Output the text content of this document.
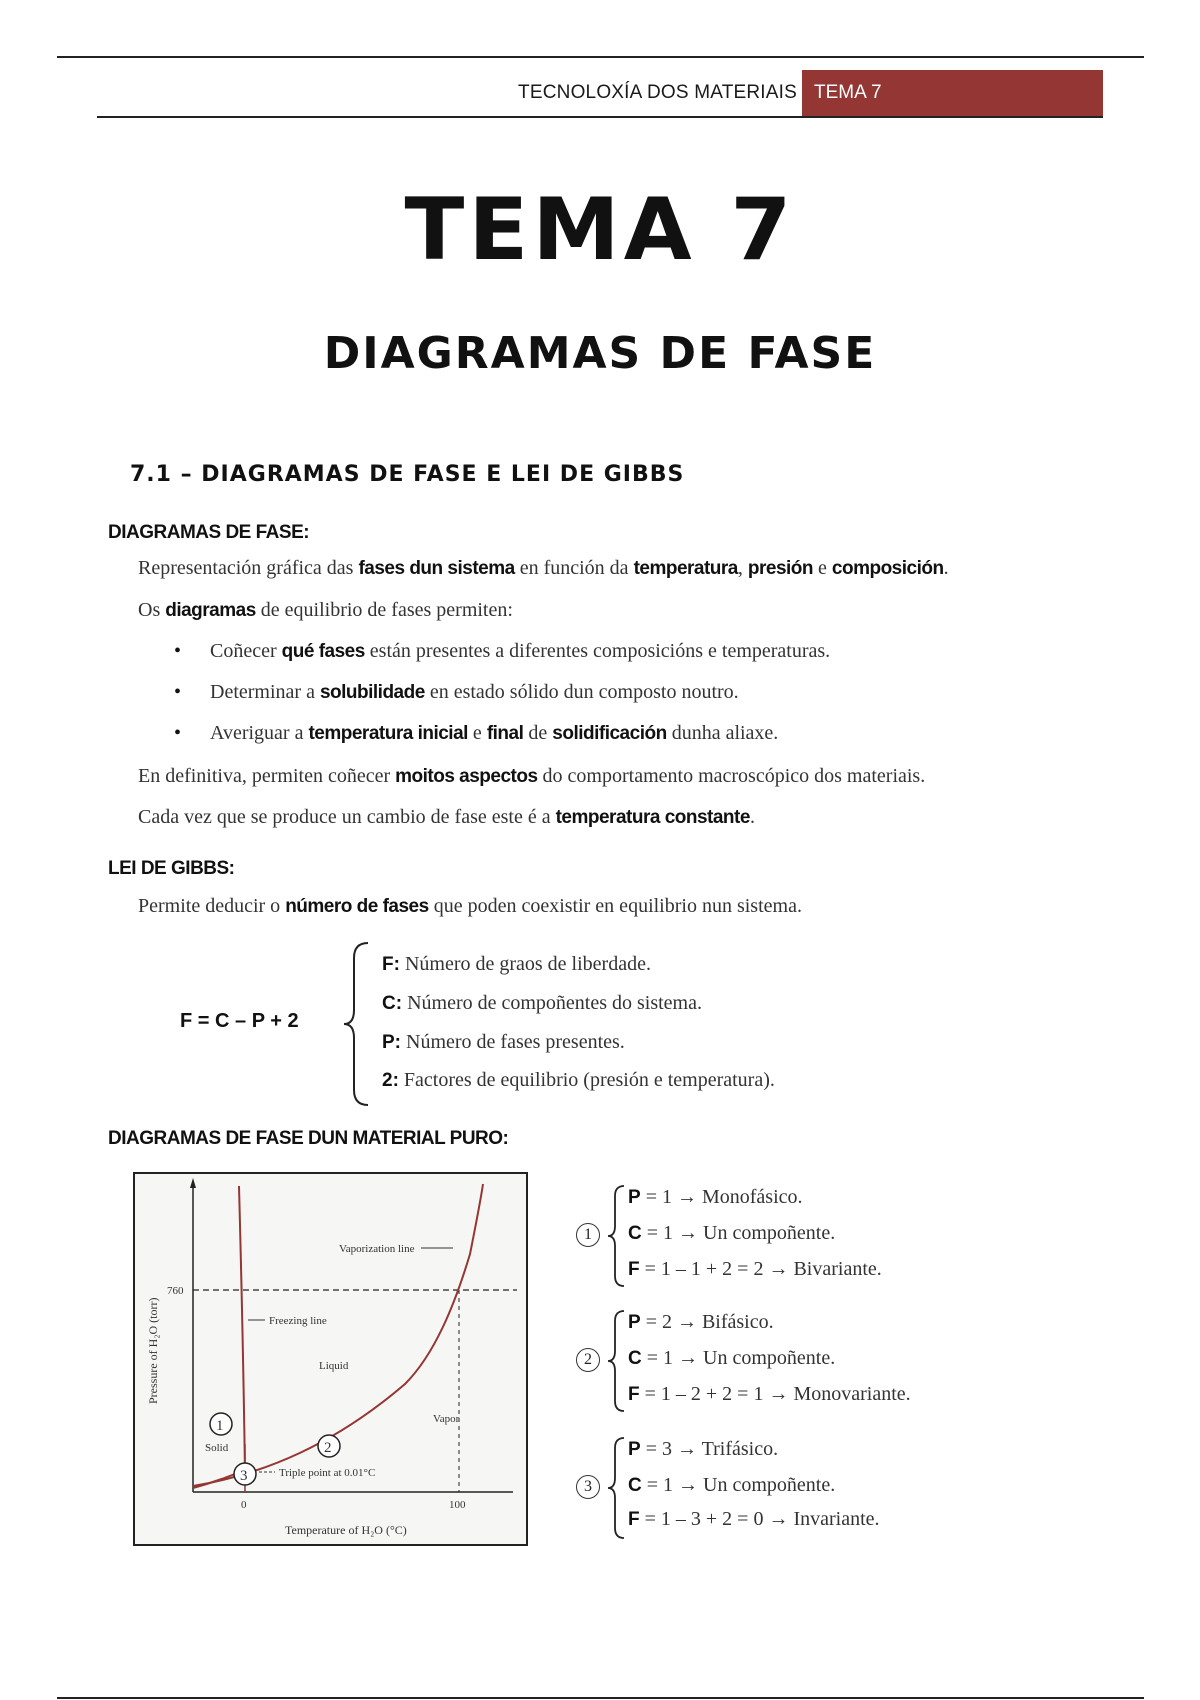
TECNOLOXÍA DOS MATERIAIS TEMA 7
TEMA 7
DIAGRAMAS DE FASE
7.1 – DIAGRAMAS DE FASE E LEI DE GIBBS
DIAGRAMAS DE FASE:
Representación gráfica das fases dun sistema en función da temperatura, presión e composición.
Os diagramas de equilibrio de fases permiten:
• Coñecer qué fases están presentes a diferentes composicións e temperaturas.
• Determinar a solubilidade en estado sólido dun composto noutro.
• Averiguar a temperatura inicial e final de solidificación dunha aliaxe.
En definitiva, permiten coñecer moitos aspectos do comportamento macroscópico dos materiais.
Cada vez que se produce un cambio de fase este é a temperatura constante.
LEI DE GIBBS:
Permite deducir o número de fases que poden coexistir en equilibrio nun sistema.
F = C – P + 2
F: Número de graos de liberdade.
C: Número de compoñentes do sistema.
P: Número de fases presentes.
2: Factores de equilibrio (presión e temperatura).
DIAGRAMAS DE FASE DUN MATERIAL PURO:
Vaporization line
Freezing line
Liquid
Vapor
Solid
Triple point at 0.01°C
760
0	100
Temperature of H₂O (°C)
Pressure of H₂O (torr)
1
2
3
1
P = 1 → Monofásico.
C = 1 → Un compoñente.
F = 1 – 1 + 2 = 2 → Bivariante.
2
P = 2 → Bifásico.
C = 1 → Un compoñente.
F = 1 – 2 + 2 = 1 → Monovariante.
3
P = 3 → Trifásico.
C = 1 → Un compoñente.
F = 1 – 3 + 2 = 0 → Invariante.
